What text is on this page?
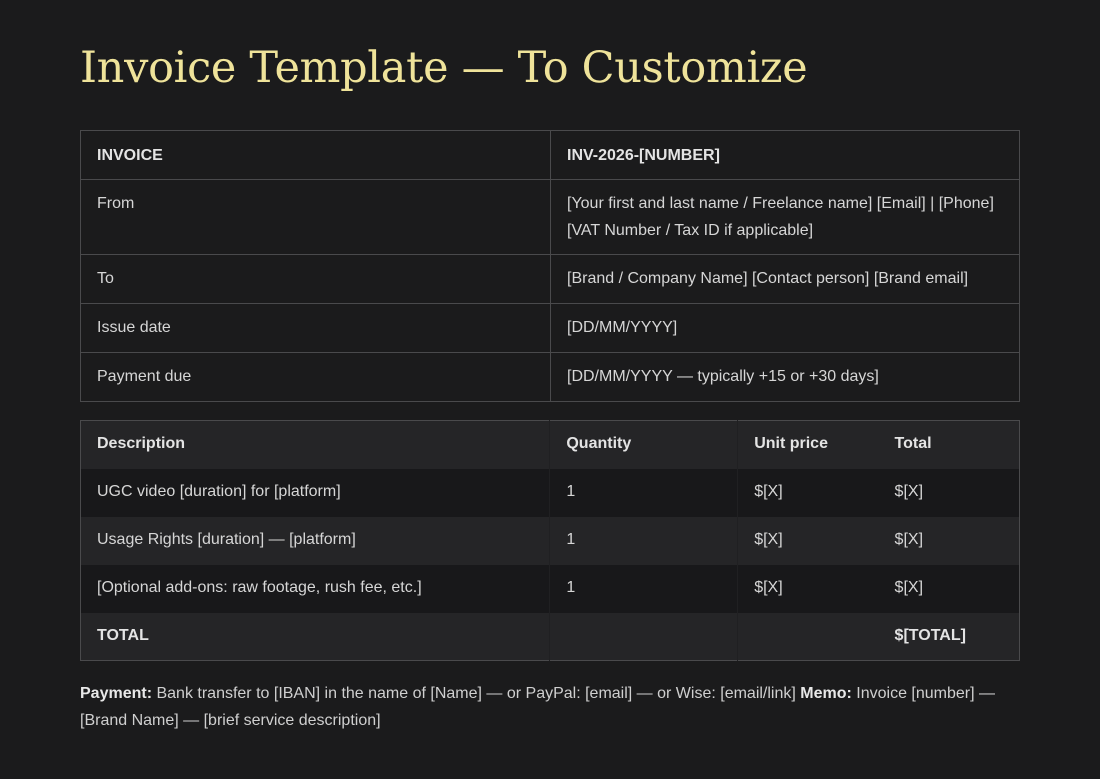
Invoice Template — To Customize
INVOICE	INV-2026-[NUMBER]
From	[Your first and last name / Freelance name] [Email] | [Phone] [VAT Number / Tax ID if applicable]
To	[Brand / Company Name] [Contact person] [Brand email]
Issue date	[DD/MM/YYYY]
Payment due	[DD/MM/YYYY — typically +15 or +30 days]
Description	Quantity	Unit price	Total
UGC video [duration] for [platform]	1	$[X]	$[X]
Usage Rights [duration] — [platform]	1	$[X]	$[X]
[Optional add-ons: raw footage, rush fee, etc.]	1	$[X]	$[X]
TOTAL			$[TOTAL]

Payment: Bank transfer to [IBAN] in the name of [Name] — or PayPal: [email] — or Wise: [email/link] Memo: Invoice [number] — [Brand Name] — [brief service description]
